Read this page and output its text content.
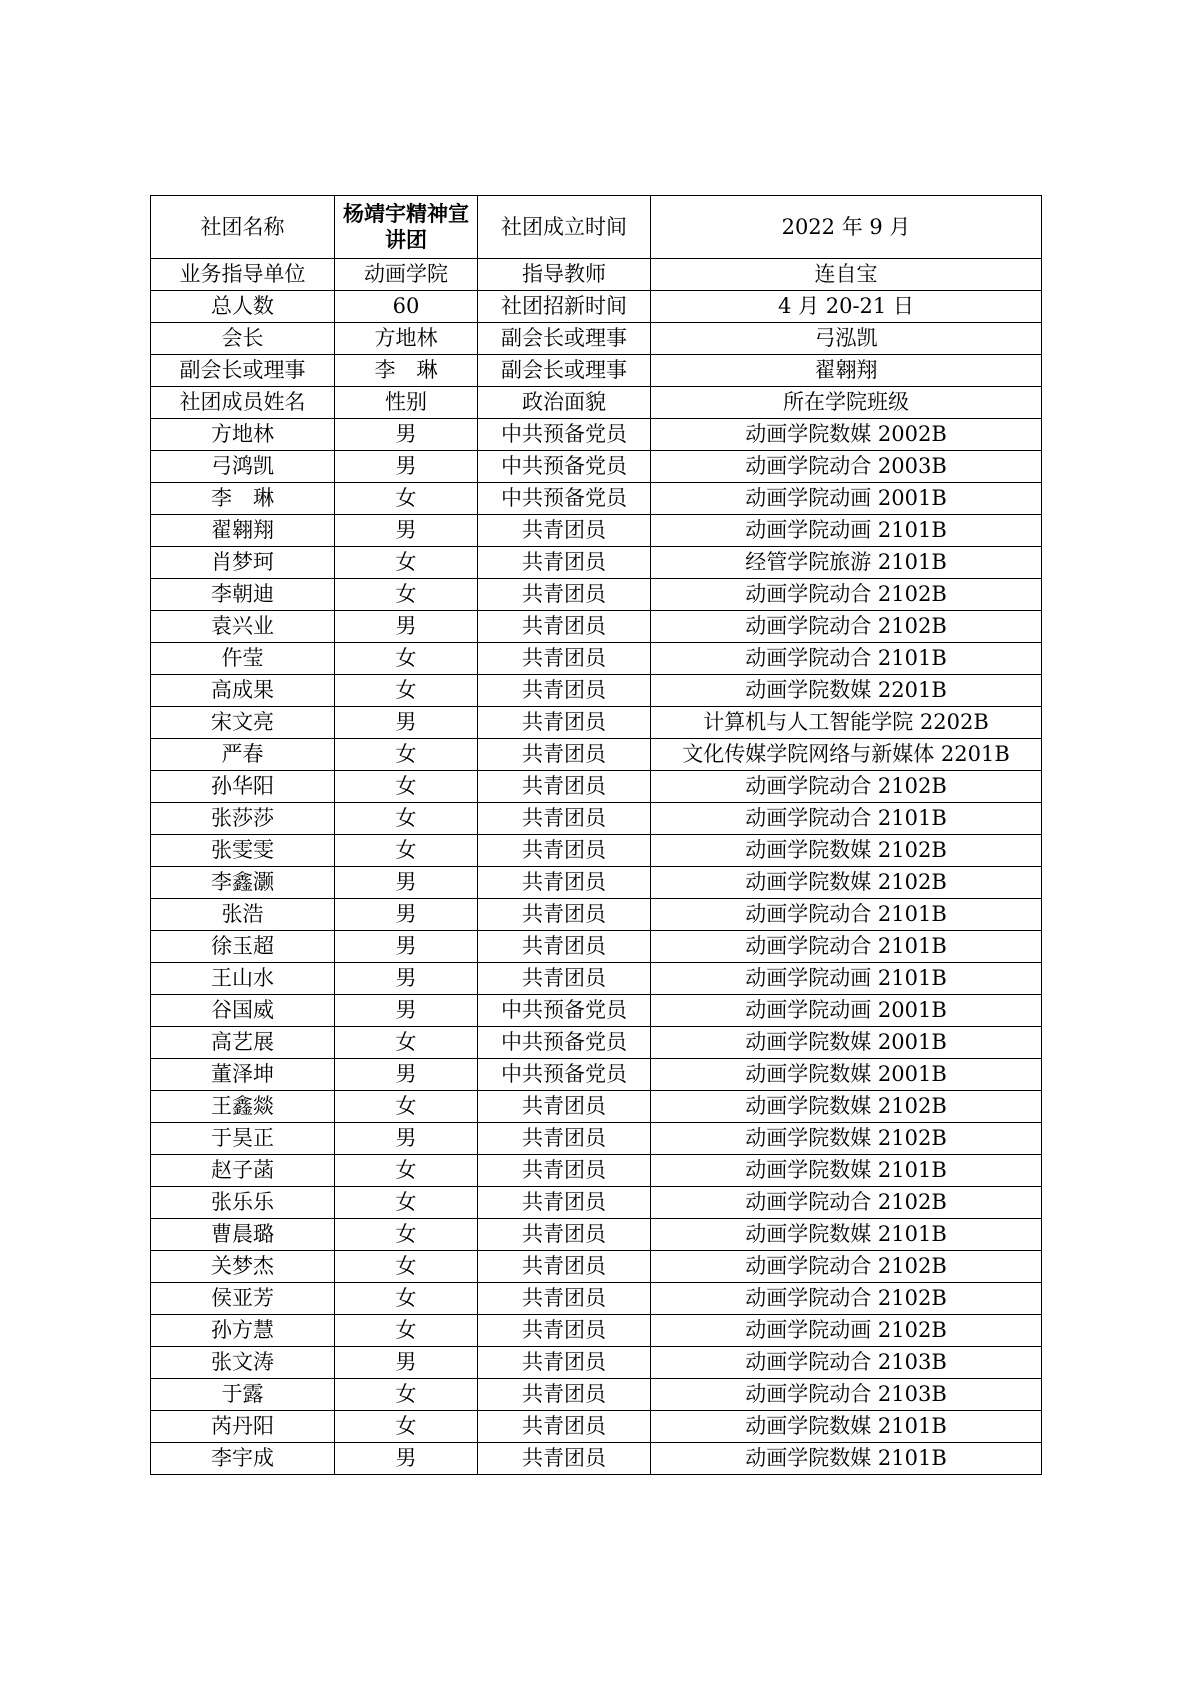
社团名称	杨靖宇精神宣讲团	社团成立时间	2022 年 9 月
业务指导单位	动画学院	指导教师	连自宝
总人数	60	社团招新时间	4 月 20-21 日
会长	方地林	副会长或理事	弓泓凯
副会长或理事	李　琳	副会长或理事	翟翱翔
社团成员姓名	性别	政治面貌	所在学院班级
方地林	男	中共预备党员	动画学院数媒 2002B
弓鸿凯	男	中共预备党员	动画学院动合 2003B
李　琳	女	中共预备党员	动画学院动画 2001B
翟翱翔	男	共青团员	动画学院动画 2101B
肖梦珂	女	共青团员	经管学院旅游 2101B
李朝迪	女	共青团员	动画学院动合 2102B
袁兴业	男	共青团员	动画学院动合 2102B
仵莹	女	共青团员	动画学院动合 2101B
高成果	女	共青团员	动画学院数媒 2201B
宋文亮	男	共青团员	计算机与人工智能学院 2202B
严春	女	共青团员	文化传媒学院网络与新媒体 2201B
孙华阳	女	共青团员	动画学院动合 2102B
张莎莎	女	共青团员	动画学院动合 2101B
张雯雯	女	共青团员	动画学院数媒 2102B
李鑫灏	男	共青团员	动画学院数媒 2102B
张浩	男	共青团员	动画学院动合 2101B
徐玉超	男	共青团员	动画学院动合 2101B
王山水	男	共青团员	动画学院动画 2101B
谷国威	男	中共预备党员	动画学院动画 2001B
高艺展	女	中共预备党员	动画学院数媒 2001B
董泽坤	男	中共预备党员	动画学院数媒 2001B
王鑫燚	女	共青团员	动画学院数媒 2102B
于昊正	男	共青团员	动画学院数媒 2102B
赵子菡	女	共青团员	动画学院数媒 2101B
张乐乐	女	共青团员	动画学院动合 2102B
曹晨璐	女	共青团员	动画学院数媒 2101B
关梦杰	女	共青团员	动画学院动合 2102B
侯亚芳	女	共青团员	动画学院动合 2102B
孙方慧	女	共青团员	动画学院动画 2102B
张文涛	男	共青团员	动画学院动合 2103B
于露	女	共青团员	动画学院动合 2103B
芮丹阳	女	共青团员	动画学院数媒 2101B
李宇成	男	共青团员	动画学院数媒 2101B
